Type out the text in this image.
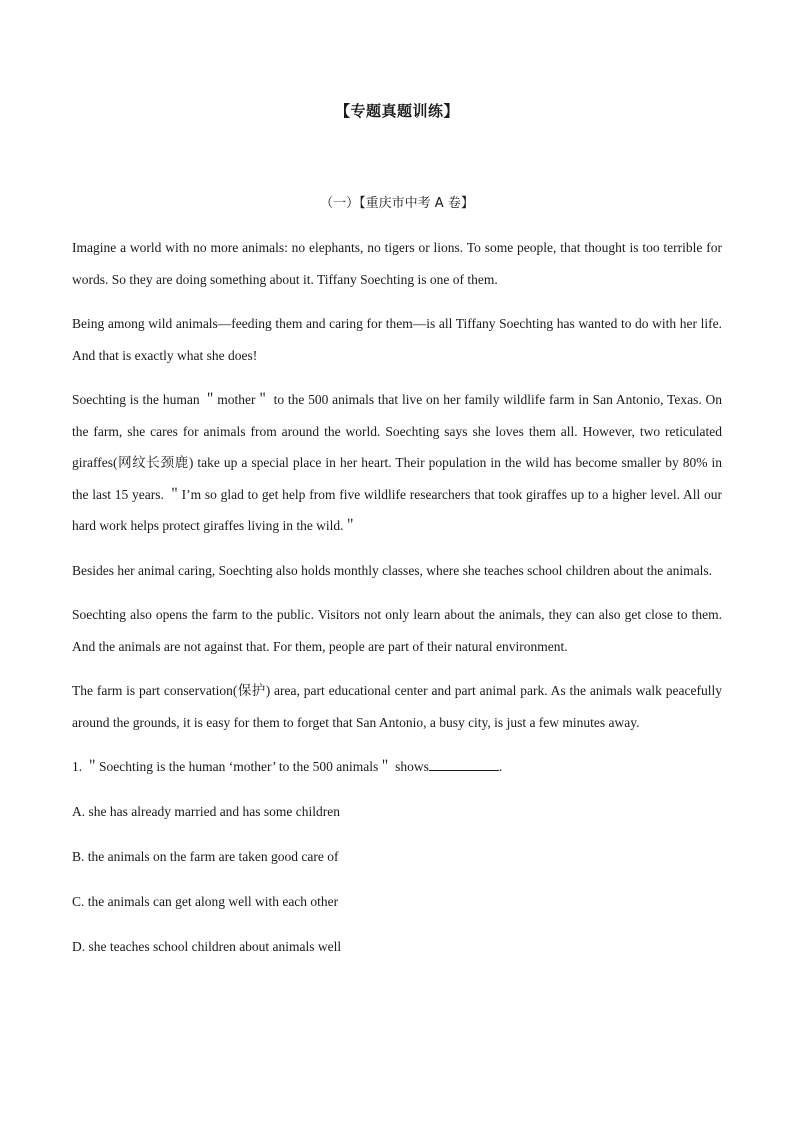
【专题真题训练】
（一）【重庆市中考 A 卷】

Imagine a world with no more animals: no elephants, no tigers or lions. To some people, that thought is too terrible for words. So they are doing something about it. Tiffany Soechting is one of them.

Being among wild animals—feeding them and caring for them—is all Tiffany Soechting has wanted to do with her life. And that is exactly what she does!

Soechting is the human ＂mother＂ to the 500 animals that live on her family wildlife farm in San Antonio, Texas. On the farm, she cares for animals from around the world. Soechting says she loves them all. However, two reticulated giraffes(网纹长颈鹿) take up a special place in her heart. Their population in the wild has become smaller by 80% in the last 15 years. ＂I’m so glad to get help from five wildlife researchers that took giraffes up to a higher level. All our hard work helps protect giraffes living in the wild.＂

Besides her animal caring, Soechting also holds monthly classes, where she teaches school children about the animals.

Soechting also opens the farm to the public. Visitors not only learn about the animals, they can also get close to them. And the animals are not against that. For them, people are part of their natural environment.

The farm is part conservation(保护) area, part educational center and part animal park. As the animals walk peacefully around the grounds, it is easy for them to forget that San Antonio, a busy city, is just a few minutes away.

1. ＂Soechting is the human ‘mother’ to the 500 animals＂ shows	.

A. she has already married and has some children

B. the animals on the farm are taken good care of

C. the animals can get along well with each other

D. she teaches school children about animals well
